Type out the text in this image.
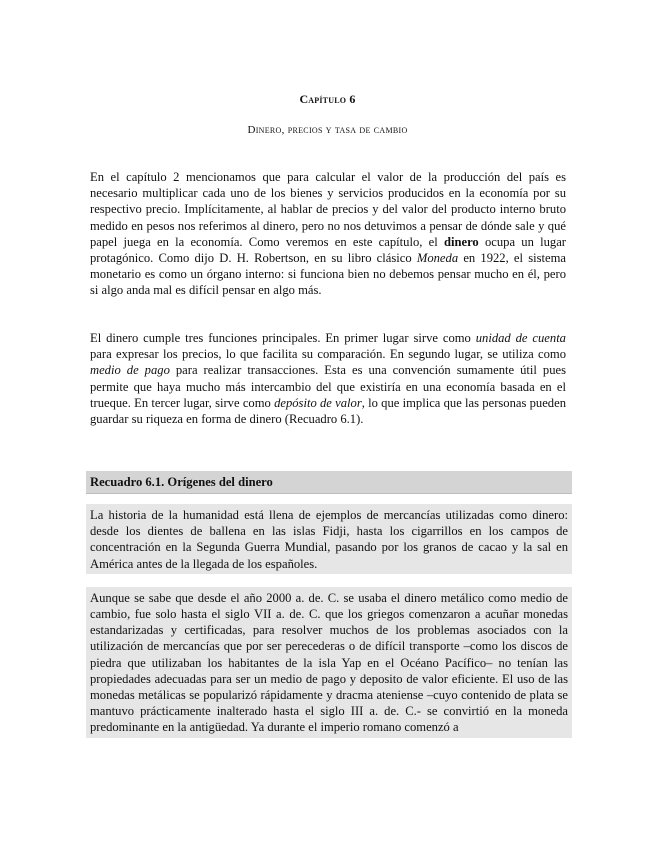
Capítulo 6
Dinero, precios y tasa de cambio

En el capítulo 2 mencionamos que para calcular el valor de la producción del país es necesario multiplicar cada uno de los bienes y servicios producidos en la economía por su respectivo precio. Implícitamente, al hablar de precios y del valor del producto interno bruto medido en pesos nos referimos al dinero, pero no nos detuvimos a pensar de dónde sale y qué papel juega en la economía. Como veremos en este capítulo, el dinero ocupa un lugar protagónico. Como dijo D. H. Robertson, en su libro clásico Moneda en 1922, el sistema monetario es como un órgano interno: si funciona bien no debemos pensar mucho en él, pero si algo anda mal es difícil pensar en algo más.

El dinero cumple tres funciones principales. En primer lugar sirve como unidad de cuenta para expresar los precios, lo que facilita su comparación. En segundo lugar, se utiliza como medio de pago para realizar transacciones. Esta es una convención sumamente útil pues permite que haya mucho más intercambio del que existiría en una economía basada en el trueque. En tercer lugar, sirve como depósito de valor, lo que implica que las personas pueden guardar su riqueza en forma de dinero (Recuadro 6.1).

Recuadro 6.1. Orígenes del dinero

La historia de la humanidad está llena de ejemplos de mercancías utilizadas como dinero: desde los dientes de ballena en las islas Fidji, hasta los cigarrillos en los campos de concentración en la Segunda Guerra Mundial, pasando por los granos de cacao y la sal en América antes de la llegada de los españoles.

Aunque se sabe que desde el año 2000 a. de. C. se usaba el dinero metálico como medio de cambio, fue solo hasta el siglo VII a. de. C. que los griegos comenzaron a acuñar monedas estandarizadas y certificadas, para resolver muchos de los problemas asociados con la utilización de mercancías que por ser perecederas o de difícil transporte –como los discos de piedra que utilizaban los habitantes de la isla Yap en el Océano Pacífico– no tenían las propiedades adecuadas para ser un medio de pago y deposito de valor eficiente. El uso de las monedas metálicas se popularizó rápidamente y dracma ateniense –cuyo contenido de plata se mantuvo prácticamente inalterado hasta el siglo III a. de. C.- se convirtió en la moneda predominante en la antigüedad. Ya durante el imperio romano comenzó a
